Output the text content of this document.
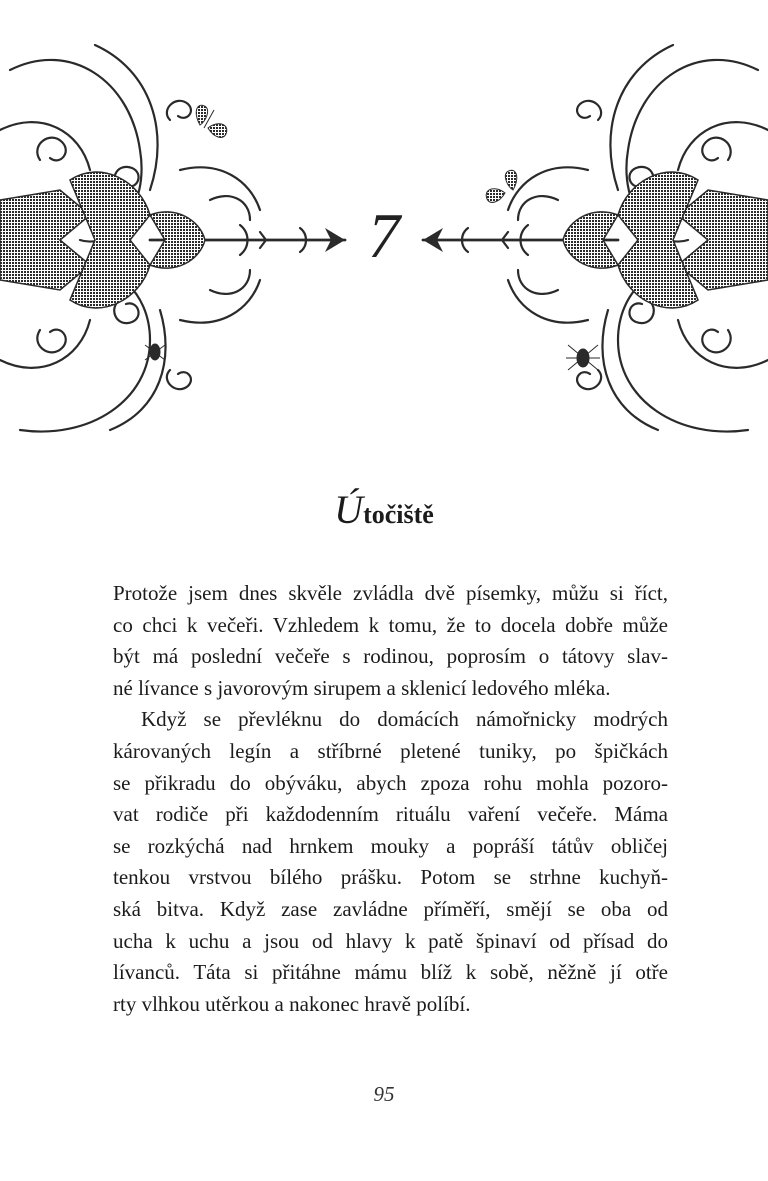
7
Útočiště
Protože jsem dnes skvěle zvládla dvě písemky, můžu si říct,
co chci k večeři. Vzhledem k tomu, že to docela dobře může
být má poslední večeře s rodinou, poprosím o tátovy slav-
né lívance s javorovým sirupem a sklenicí ledového mléka.
Když se převléknu do domácích námořnicky modrých
károvaných legín a stříbrné pletené tuniky, po špičkách
se přikradu do obýváku, abych zpoza rohu mohla pozoro-
vat rodiče při každodenním rituálu vaření večeře. Máma
se rozkýchá nad hrnkem mouky a popráší tátův obličej
tenkou vrstvou bílého prášku. Potom se strhne kuchyň-
ská bitva. Když zase zavládne příměří, smějí se oba od
ucha k uchu a jsou od hlavy k patě špinaví od přísad do
lívanců. Táta si přitáhne mámu blíž k sobě, něžně jí otře
rty vlhkou utěrkou a nakonec hravě políbí.
95
